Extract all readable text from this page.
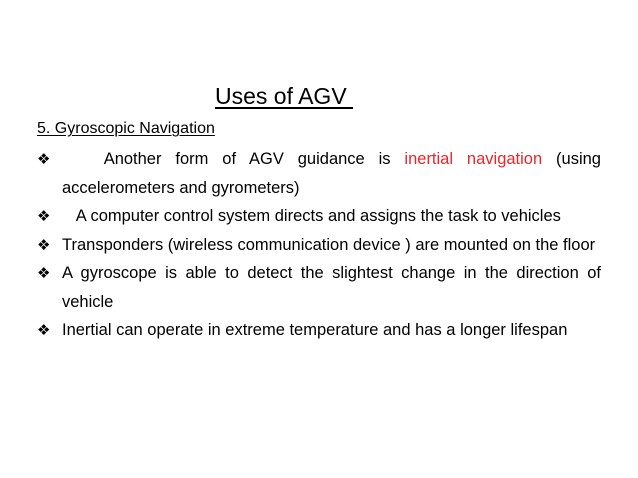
Uses of AGV
5. Gyroscopic Navigation

❖ Another form of AGV guidance is inertial navigation (using accelerometers and gyrometers)

❖ A computer control system directs and assigns the task to vehicles

❖ Transponders (wireless communication device ) are mounted on the floor

❖ A gyroscope is able to detect the slightest change in the direction of vehicle

❖ Inertial can operate in extreme temperature and has a longer lifespan
